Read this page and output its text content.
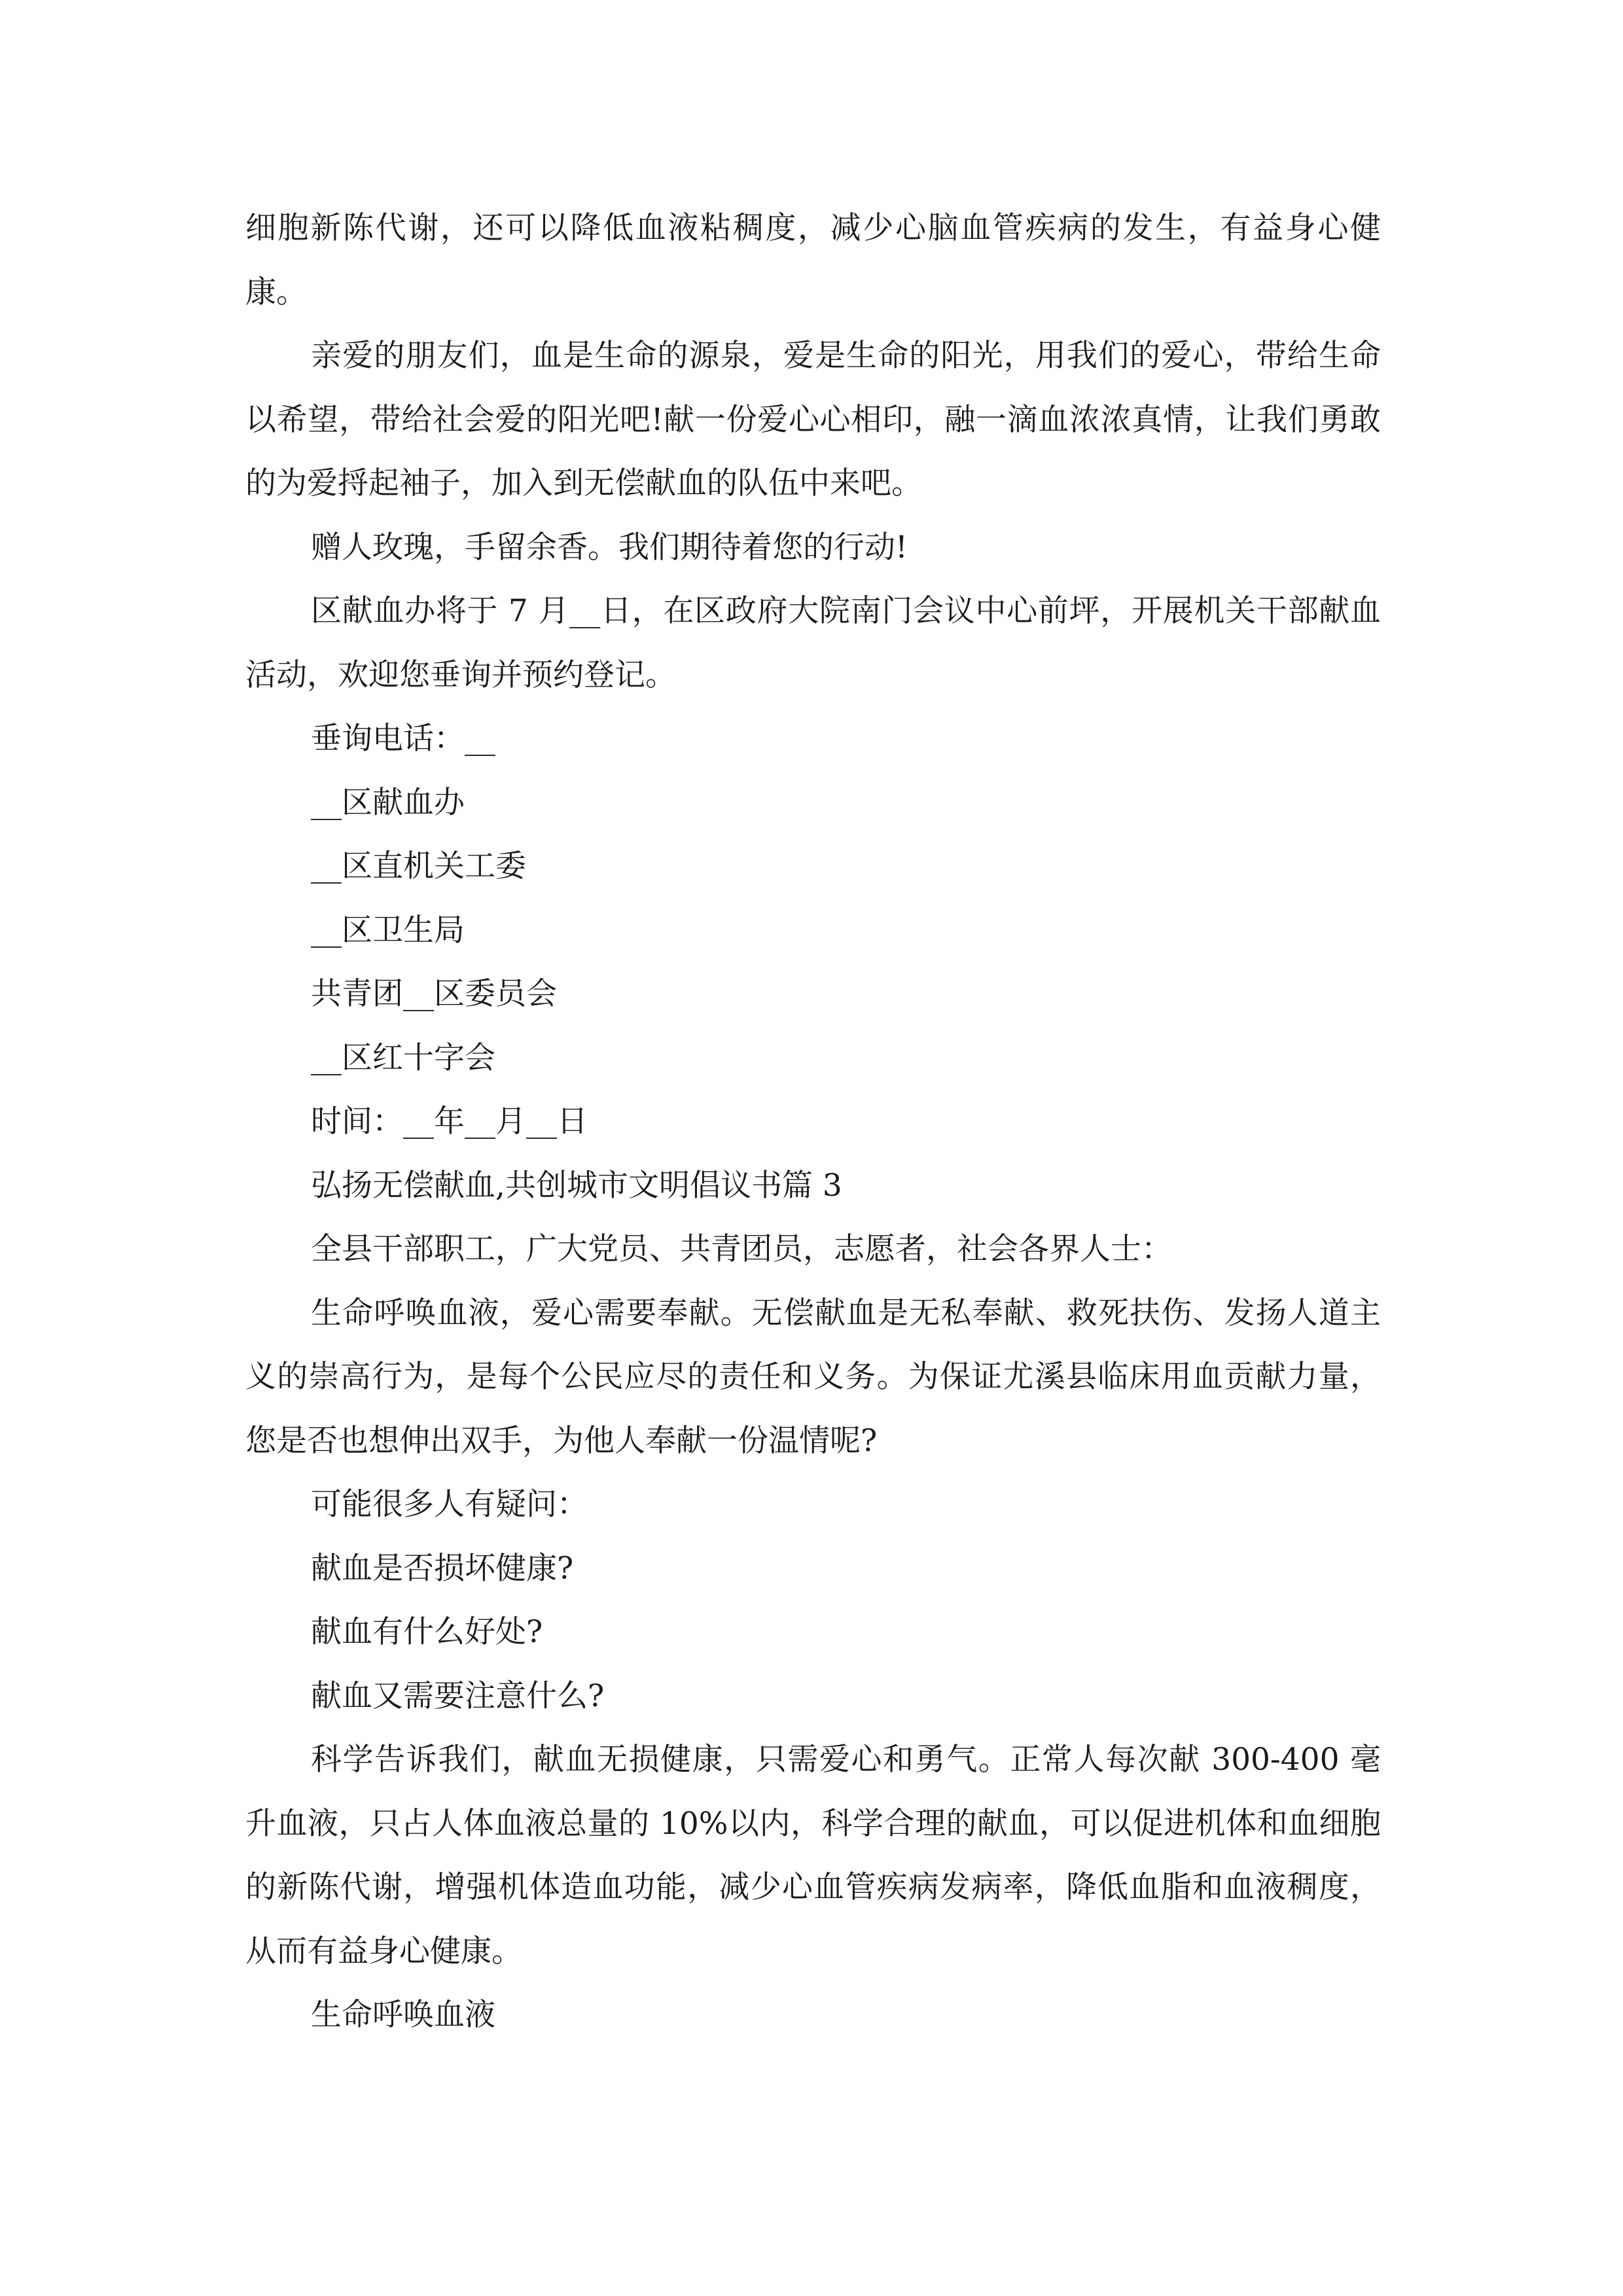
细胞新陈代谢，还可以降低血液粘稠度，减少心脑血管疾病的发生，有益身心健康。

亲爱的朋友们，血是生命的源泉，爱是生命的阳光，用我们的爱心，带给生命以希望，带给社会爱的阳光吧!献一份爱心心相印，融一滴血浓浓真情，让我们勇敢的为爱捋起袖子，加入到无偿献血的队伍中来吧。

赠人玫瑰，手留余香。我们期待着您的行动!

区献血办将于 7 月__日，在区政府大院南门会议中心前坪，开展机关干部献血活动，欢迎您垂询并预约登记。

垂询电话：__

__区献血办

__区直机关工委

__区卫生局

共青团__区委员会

__区红十字会

时间：__年__月__日

弘扬无偿献血,共创城市文明倡议书篇 3

全县干部职工，广大党员、共青团员，志愿者，社会各界人士：

生命呼唤血液，爱心需要奉献。无偿献血是无私奉献、救死扶伤、发扬人道主义的崇高行为，是每个公民应尽的责任和义务。为保证尤溪县临床用血贡献力量，您是否也想伸出双手，为他人奉献一份温情呢?

可能很多人有疑问：

献血是否损坏健康?

献血有什么好处?

献血又需要注意什么?

科学告诉我们，献血无损健康，只需爱心和勇气。正常人每次献 300-400 毫升血液，只占人体血液总量的 10%以内，科学合理的献血，可以促进机体和血细胞的新陈代谢，增强机体造血功能，减少心血管疾病发病率，降低血脂和血液稠度，从而有益身心健康。

生命呼唤血液
